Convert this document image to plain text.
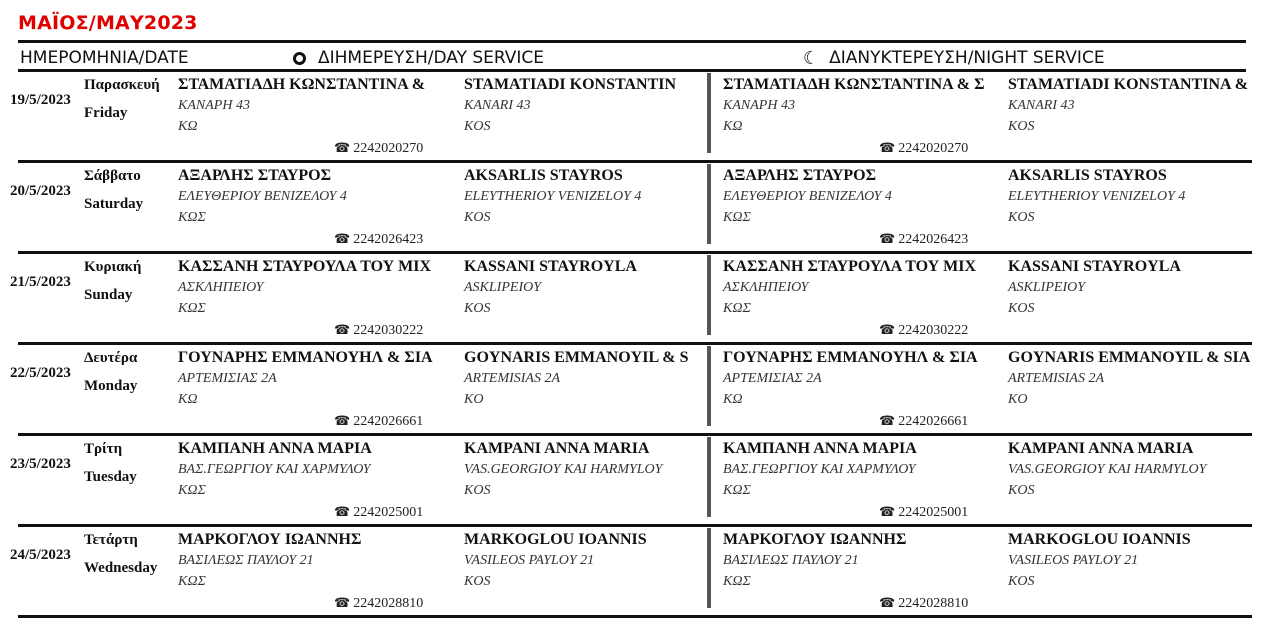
ΜΑΪΟΣ/ΜΑΥ2023
ΗΜΕΡΟΜΗΝΙΑ/DATE	ΔΙΗΜΕΡΕΥΣΗ/DAY SERVICE	☾ ΔΙΑΝΥΚΤΕΡΕΥΣΗ/NIGHT SERVICE
19/5/2023
Παρασκευή
Friday
ΣΤΑΜΑΤΙΑΔΗ ΚΩΝΣΤΑΝΤΙΝΑ &
ΚΑΝΑΡΗ 43
ΚΩ
STAMATIADI KONSTANTIN
KANARI 43
KOS
☎ 2242020270
ΣΤΑΜΑΤΙΑΔΗ ΚΩΝΣΤΑΝΤΙΝΑ & Σ
ΚΑΝΑΡΗ 43
ΚΩ
STAMATIADI KONSTANTINA &
KANARI 43
KOS
☎ 2242020270
20/5/2023
Σάββατο
Saturday
ΑΞΑΡΛΗΣ ΣΤΑΥΡΟΣ
ΕΛΕΥΘΕΡΙΟΥ ΒΕΝΙΖΕΛΟΥ 4
ΚΩΣ
AKSARLIS STAYROS
ELEYTHERIOY VENIZELOY 4
KOS
☎ 2242026423
ΑΞΑΡΛΗΣ ΣΤΑΥΡΟΣ
ΕΛΕΥΘΕΡΙΟΥ ΒΕΝΙΖΕΛΟΥ 4
ΚΩΣ
AKSARLIS STAYROS
ELEYTHERIOY VENIZELOY 4
KOS
☎ 2242026423
21/5/2023
Κυριακή
Sunday
ΚΑΣΣΑΝΗ ΣΤΑΥΡΟΥΛΑ ΤΟΥ ΜΙΧ
ΑΣΚΛΗΠΕΙΟΥ
ΚΩΣ
KASSANI STAYROYLA
ASKLIPEIOY
KOS
☎ 2242030222
ΚΑΣΣΑΝΗ ΣΤΑΥΡΟΥΛΑ ΤΟΥ ΜΙΧ
ΑΣΚΛΗΠΕΙΟΥ
ΚΩΣ
KASSANI STAYROYLA
ASKLIPEIOY
KOS
☎ 2242030222
22/5/2023
Δευτέρα
Monday
ΓΟΥΝΑΡΗΣ ΕΜΜΑΝΟΥΗΛ & ΣΙΑ
ΑΡΤΕΜΙΣΙΑΣ 2Α
ΚΩ
GOYNARIS EMMANOYIL & S
ARTEMISIAS 2A
KO
☎ 2242026661
ΓΟΥΝΑΡΗΣ ΕΜΜΑΝΟΥΗΛ & ΣΙΑ
ΑΡΤΕΜΙΣΙΑΣ 2Α
ΚΩ
GOYNARIS EMMANOYIL & SIA
ARTEMISIAS 2A
KO
☎ 2242026661
23/5/2023
Τρίτη
Tuesday
ΚΑΜΠΑΝΗ ΑΝΝΑ ΜΑΡΙΑ
ΒΑΣ.ΓΕΩΡΓΙΟΥ ΚΑΙ ΧΑΡΜΥΛΟΥ
ΚΩΣ
KAMPANI ANNA MARIA
VAS.GEORGIOY KAI HARMYLOY
KOS
☎ 2242025001
ΚΑΜΠΑΝΗ ΑΝΝΑ ΜΑΡΙΑ
ΒΑΣ.ΓΕΩΡΓΙΟΥ ΚΑΙ ΧΑΡΜΥΛΟΥ
ΚΩΣ
KAMPANI ANNA MARIA
VAS.GEORGIOY KAI HARMYLOY
KOS
☎ 2242025001
24/5/2023
Τετάρτη
Wednesday
ΜΑΡΚΟΓΛΟΥ ΙΩΑΝΝΗΣ
ΒΑΣΙΛΕΩΣ ΠΑΥΛΟΥ 21
ΚΩΣ
MARKOGLOU IOANNIS
VASILEOS PAYLOY 21
KOS
☎ 2242028810
ΜΑΡΚΟΓΛΟΥ ΙΩΑΝΝΗΣ
ΒΑΣΙΛΕΩΣ ΠΑΥΛΟΥ 21
ΚΩΣ
MARKOGLOU IOANNIS
VASILEOS PAYLOY 21
KOS
☎ 2242028810
